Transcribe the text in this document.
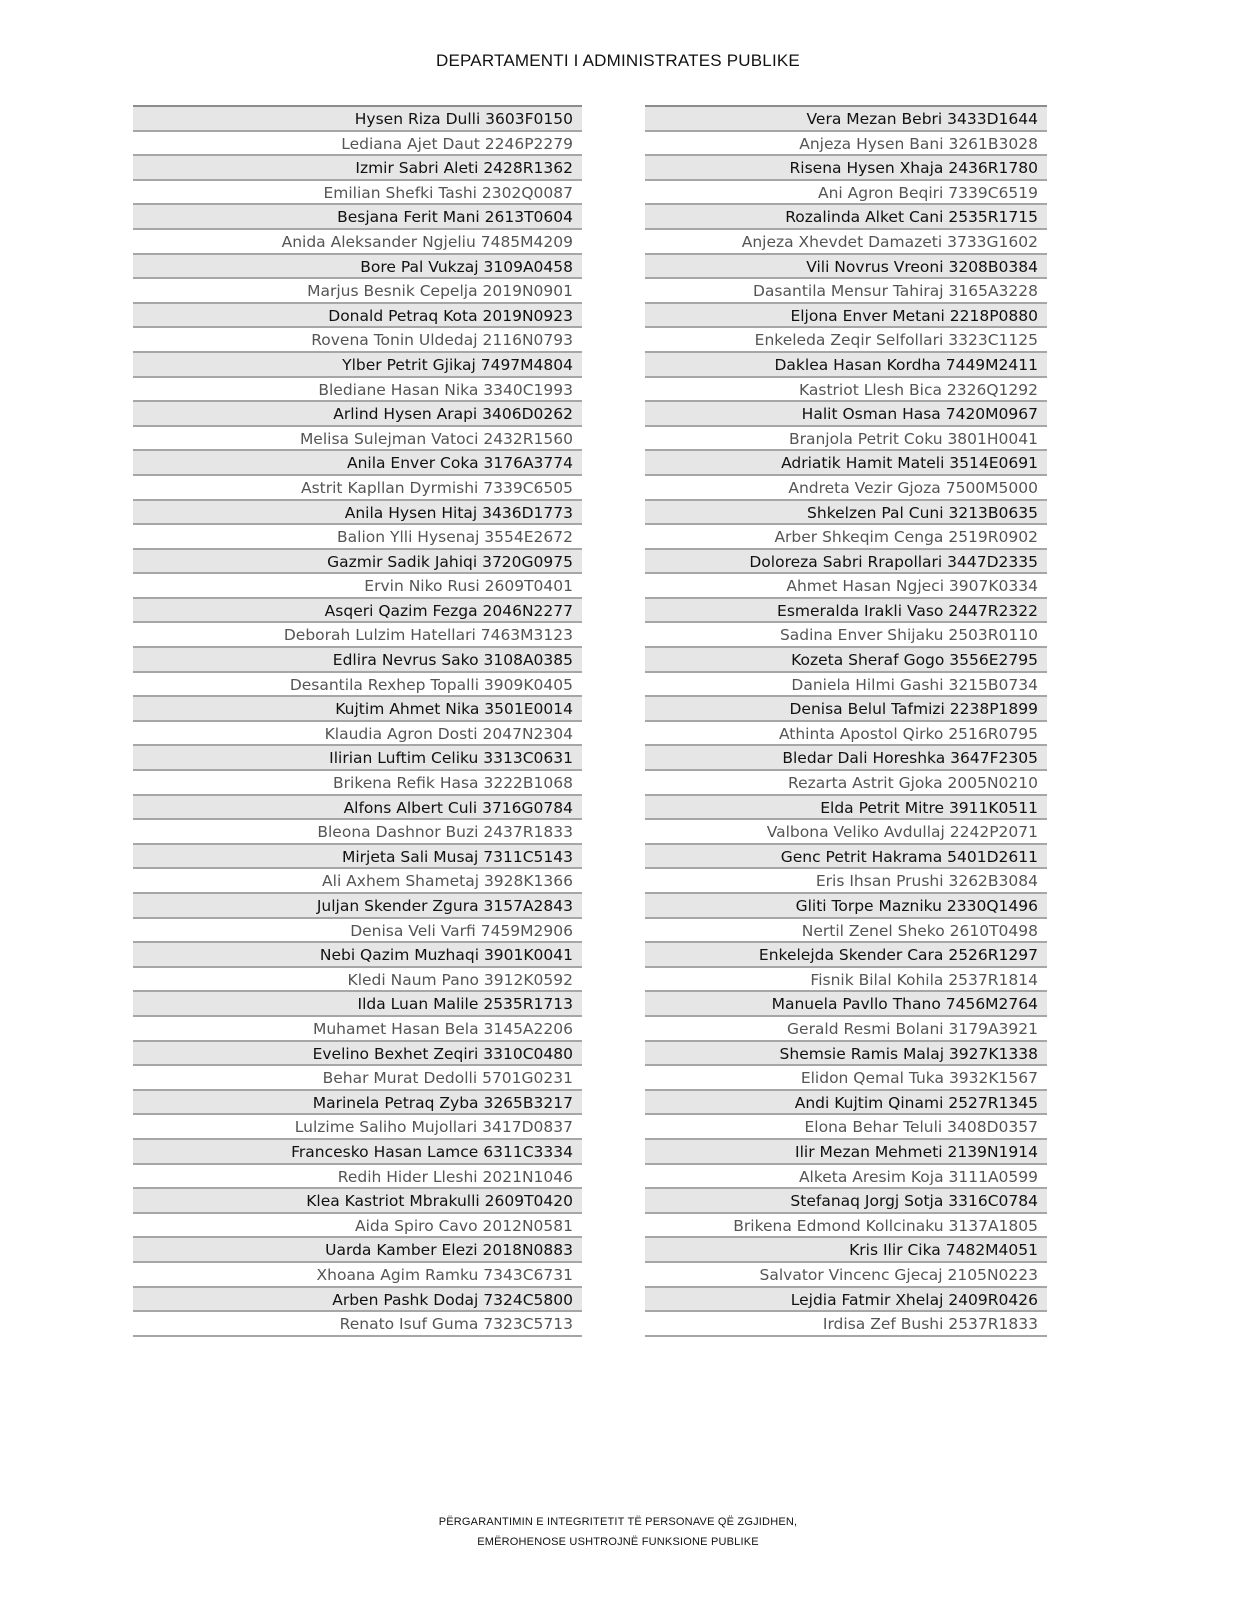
DEPARTAMENTI I ADMINISTRATES PUBLIKE
Hysen Riza Dulli 3603F0150
Lediana Ajet Daut 2246P2279
Izmir Sabri Aleti 2428R1362
Emilian Shefki Tashi 2302Q0087
Besjana Ferit Mani 2613T0604
Anida Aleksander Ngjeliu 7485M4209
Bore Pal Vukzaj 3109A0458
Marjus Besnik Cepelja 2019N0901
Donald Petraq Kota 2019N0923
Rovena Tonin Uldedaj 2116N0793
Ylber Petrit Gjikaj 7497M4804
Blediane Hasan Nika 3340C1993
Arlind Hysen Arapi 3406D0262
Melisa Sulejman Vatoci 2432R1560
Anila Enver Coka 3176A3774
Astrit Kapllan Dyrmishi 7339C6505
Anila Hysen Hitaj 3436D1773
Balion Ylli Hysenaj 3554E2672
Gazmir Sadik Jahiqi 3720G0975
Ervin Niko Rusi 2609T0401
Asqeri Qazim Fezga 2046N2277
Deborah Lulzim Hatellari 7463M3123
Edlira Nevrus Sako 3108A0385
Desantila Rexhep Topalli 3909K0405
Kujtim Ahmet Nika 3501E0014
Klaudia Agron Dosti 2047N2304
Ilirian Luftim Celiku 3313C0631
Brikena Refik Hasa 3222B1068
Alfons Albert Culi 3716G0784
Bleona Dashnor Buzi 2437R1833
Mirjeta Sali Musaj 7311C5143
Ali Axhem Shametaj 3928K1366
Juljan Skender Zgura 3157A2843
Denisa Veli Varfi 7459M2906
Nebi Qazim Muzhaqi 3901K0041
Kledi Naum Pano 3912K0592
Ilda Luan Malile 2535R1713
Muhamet Hasan Bela 3145A2206
Evelino Bexhet Zeqiri 3310C0480
Behar Murat Dedolli 5701G0231
Marinela Petraq Zyba 3265B3217
Lulzime Saliho Mujollari 3417D0837
Francesko Hasan Lamce 6311C3334
Redih Hider Lleshi 2021N1046
Klea Kastriot Mbrakulli 2609T0420
Aida Spiro Cavo 2012N0581
Uarda Kamber Elezi 2018N0883
Xhoana Agim Ramku 7343C6731
Arben Pashk Dodaj 7324C5800
Renato Isuf Guma 7323C5713
Vera Mezan Bebri 3433D1644
Anjeza Hysen Bani 3261B3028
Risena Hysen Xhaja 2436R1780
Ani Agron Beqiri 7339C6519
Rozalinda Alket Cani 2535R1715
Anjeza Xhevdet Damazeti 3733G1602
Vili Novrus Vreoni 3208B0384
Dasantila Mensur Tahiraj 3165A3228
Eljona Enver Metani 2218P0880
Enkeleda Zeqir Selfollari 3323C1125
Daklea Hasan Kordha 7449M2411
Kastriot Llesh Bica 2326Q1292
Halit Osman Hasa 7420M0967
Branjola Petrit Coku 3801H0041
Adriatik Hamit Mateli 3514E0691
Andreta Vezir Gjoza 7500M5000
Shkelzen Pal Cuni 3213B0635
Arber Shkeqim Cenga 2519R0902
Doloreza Sabri Rrapollari 3447D2335
Ahmet Hasan Ngjeci 3907K0334
Esmeralda Irakli Vaso 2447R2322
Sadina Enver Shijaku 2503R0110
Kozeta Sheraf Gogo 3556E2795
Daniela Hilmi Gashi 3215B0734
Denisa Belul Tafmizi 2238P1899
Athinta Apostol Qirko 2516R0795
Bledar Dali Horeshka 3647F2305
Rezarta Astrit Gjoka 2005N0210
Elda Petrit Mitre 3911K0511
Valbona Veliko Avdullaj 2242P2071
Genc Petrit Hakrama 5401D2611
Eris Ihsan Prushi 3262B3084
Gliti Torpe Mazniku 2330Q1496
Nertil Zenel Sheko 2610T0498
Enkelejda Skender Cara 2526R1297
Fisnik Bilal Kohila 2537R1814
Manuela Pavllo Thano 7456M2764
Gerald Resmi Bolani 3179A3921
Shemsie Ramis Malaj 3927K1338
Elidon Qemal Tuka 3932K1567
Andi Kujtim Qinami 2527R1345
Elona Behar Teluli 3408D0357
Ilir Mezan Mehmeti 2139N1914
Alketa Aresim Koja 3111A0599
Stefanaq Jorgj Sotja 3316C0784
Brikena Edmond Kollcinaku 3137A1805
Kris Ilir Cika 7482M4051
Salvator Vincenc Gjecaj 2105N0223
Lejdia Fatmir Xhelaj 2409R0426
Irdisa Zef Bushi 2537R1833
PËRGARANTIMIN E INTEGRITETIT TË PERSONAVE QË ZGJIDHEN,
EMËROHENOSE USHTROJNË FUNKSIONE PUBLIKE
